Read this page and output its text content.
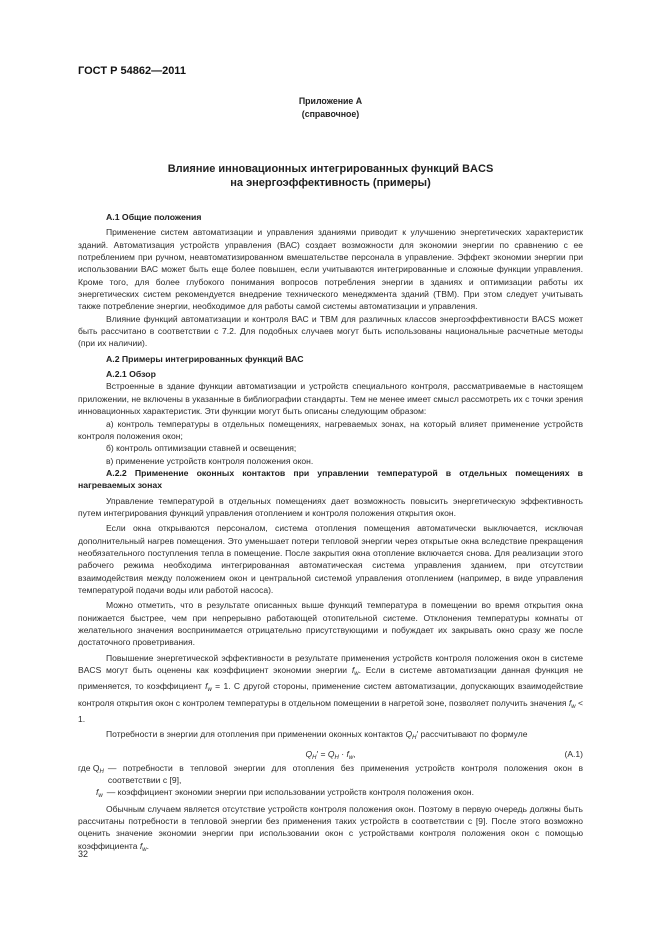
ГОСТ Р 54862—2011
Приложение А
(справочное)
Влияние инновационных интегрированных функций BACS
на энергоэффективность (примеры)
А.1 Общие положения

Применение систем автоматизации и управления зданиями приводит к улучшению энергетических характеристик зданий. Автоматизация устройств управления (ВАС) создает возможности для экономии энергии по сравнению с ее потреблением при ручном, неавтоматизированном вмешательстве персонала в управление. Эффект экономии энергии при использовании ВАС может быть еще более повышен, если учитываются интегрированные и сложные функции управления. Кроме того, для более глубокого понимания вопросов потребления энергии в зданиях и оптимизации работы их энергетических систем рекомендуется внедрение технического менеджмента зданий (ТВМ). При этом следует учитывать также потребление энергии, необходимое для работы самой системы автоматизации и управления.

Влияние функций автоматизации и контроля ВАС и ТВМ для различных классов энергоэффективности BACS может быть рассчитано в соответствии с 7.2. Для подобных случаев могут быть использованы национальные расчетные методы (при их наличии).

А.2 Примеры интегрированных функций ВАС
А.2.1 Обзор

Встроенные в здание функции автоматизации и устройств специального контроля, рассматриваемые в настоящем приложении, не включены в указанные в библиографии стандарты. Тем не менее имеет смысл рассмотреть их с точки зрения инновационных характеристик. Эти функции могут быть описаны следующим образом:

а) контроль температуры в отдельных помещениях, нагреваемых зонах, на который влияет применение устройств контроля положения окон;

б) контроль оптимизации ставней и освещения;

в) применение устройств контроля положения окон.

А.2.2 Применение оконных контактов при управлении температурой в отдельных помещениях в нагреваемых зонах

Управление температурой в отдельных помещениях дает возможность повысить энергетическую эффективность путем интегрирования функций управления отоплением и контроля положения открытия окон.

Если окна открываются персоналом, система отопления помещения автоматически выключается, исключая дополнительный нагрев помещения. Это уменьшает потери тепловой энергии через открытые окна вследствие прекращения необязательного поступления тепла в помещение. После закрытия окна отопление включается снова. Для реализации этого рабочего режима необходима интегрированная автоматическая система управления зданием, при отсутствии взаимодействия между положением окон и центральной системой управления отоплением (например, в виде управления температурой подачи воды или работой насоса).

Можно отметить, что в результате описанных выше функций температура в помещении во время открытия окна понижается быстрее, чем при непрерывно работающей отопительной системе. Отклонения температуры комнаты от желательного значения воспринимается отрицательно присутствующими и побуждает их закрывать окно сразу же после достаточного проветривания.

Повышение энергетической эффективности в результате применения устройств контроля положения окон в системе BACS могут быть оценены как коэффициент экономии энергии $f_w$. Если в системе автоматизации данная функция не применяется, то коэффициент $f_w = 1$. С другой стороны, применение систем автоматизации, допускающих взаимодействие контроля открытия окон с контролем температуры в отдельном помещении в нагретой зоне, позволяет получить значения $f_w < 1$.

Потребности в энергии для отопления при применении оконных контактов $Q_H'$ рассчитывают по формуле

$Q_H' = Q_H \cdot f_w$,	(А.1)
где $Q_H$ — потребности в тепловой энергии для отопления без применения устройств контроля положения окон в соответствии с [9],

$f_w$ — коэффициент экономии энергии при использовании устройств контроля положения окон.

Обычным случаем является отсутствие устройств контроля положения окон. Поэтому в первую очередь должны быть рассчитаны потребности в тепловой энергии без применения таких устройств в соответствии с [9]. После этого возможно оценить значение экономии энергии при использовании окон с устройствами контроля положения окон с помощью коэффициента $f_w$.

32
